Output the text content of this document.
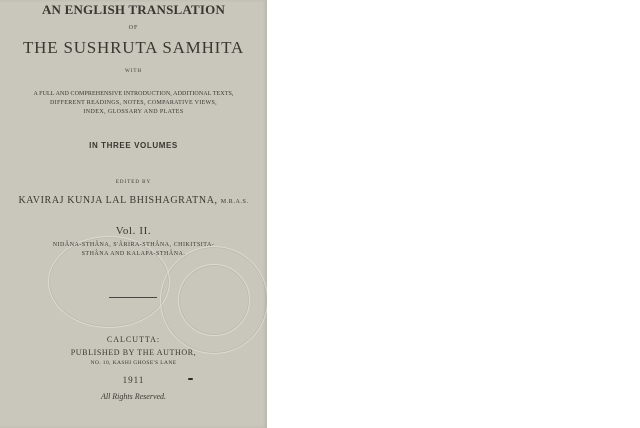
AN ENGLISH TRANSLATION
OF
THE SUSHRUTA SAMHITA
WITH
A FULL AND COMPREHENSIVE INTRODUCTION, ADDITIONAL TEXTS,
DIFFERENT READINGS, NOTES, COMPARATIVE VIEWS,
INDEX, GLOSSARY AND PLATES
IN THREE VOLUMES
EDITED BY
KAVIRAJ KUNJA LAL BHISHAGRATNA, M.R.A.S.
Vol. II.
NIDÂNA-STHÂNA, S'ÂRIRA-STHÂNA, CHIKITSITA-
STHÂNA AND KALAPA-STHÂNA.
CALCUTTA:
PUBLISHED BY THE AUTHOR,
NO. 10, KASHI GHOSE'S LANE
1911
All Rights Reserved.
